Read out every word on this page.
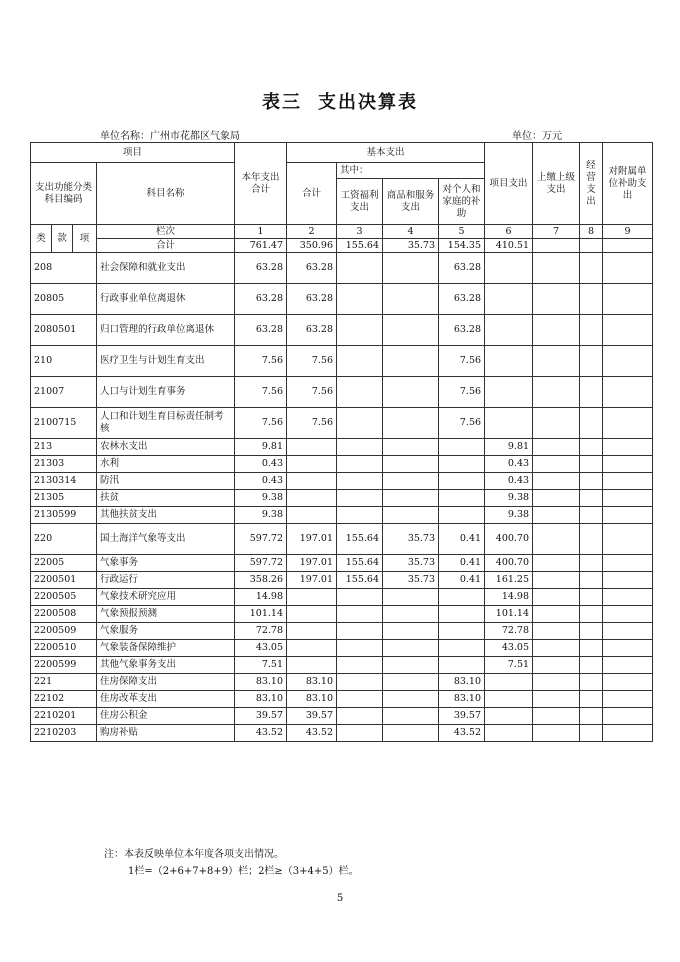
表三 支出决算表
单位名称：广州市花都区气象局	单位：万元
项目				本年支出合计	基本支出				项目支出	上缴上级支出	经营支出	对附属单位补助支出
支出功能分类科目编码			科目名称		合计	其中：						
						工资福利支出	商品和服务支出	对个人和家庭的补助				
类	款	项	栏次	1	2	3	4	5	6	7	8	9
			合计	761.47	350.96	155.64	35.73	154.35	410.51			
208			社会保障和就业支出	63.28	63.28			63.28				
20805			行政事业单位离退休	63.28	63.28			63.28				
2080501			归口管理的行政单位离退休	63.28	63.28			63.28				
210			医疗卫生与计划生育支出	7.56	7.56			7.56				
21007			人口与计划生育事务	7.56	7.56			7.56				
2100715			人口和计划生育目标责任制考核	7.56	7.56			7.56				
213			农林水支出	9.81					9.81			
21303			水利	0.43					0.43			
2130314			防汛	0.43					0.43			
21305			扶贫	9.38					9.38			
2130599			其他扶贫支出	9.38					9.38			
220			国土海洋气象等支出	597.72	197.01	155.64	35.73	0.41	400.70			
22005			气象事务	597.72	197.01	155.64	35.73	0.41	400.70			
2200501			行政运行	358.26	197.01	155.64	35.73	0.41	161.25			
2200505			气象技术研究应用	14.98					14.98			
2200508			气象预报预测	101.14					101.14			
2200509			气象服务	72.78					72.78			
2200510			气象装备保障维护	43.05					43.05			
2200599			其他气象事务支出	7.51					7.51			
221			住房保障支出	83.10	83.10			83.10				
22102			住房改革支出	83.10	83.10			83.10				
2210201			住房公积金	39.57	39.57			39.57				
2210203			购房补贴	43.52	43.52			43.52				
注：本表反映单位本年度各项支出情况。
1栏=（2+6+7+8+9）栏；2栏≥（3+4+5）栏。
5
